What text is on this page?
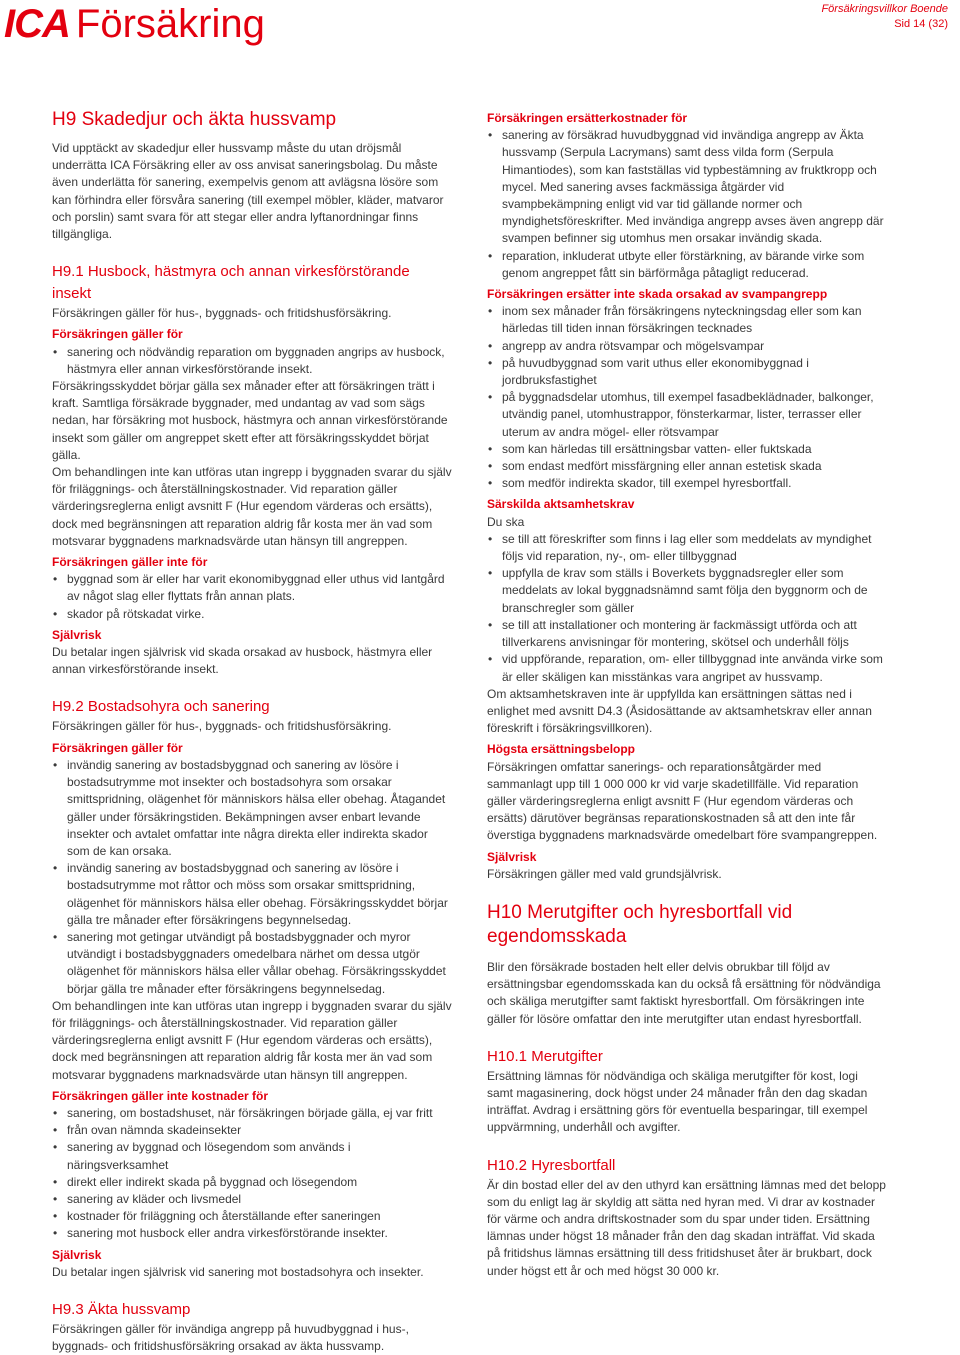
ICA Försäkring	Försäkringsvillkor Boende
Sid 14 (32)
H9 Skadedjur och äkta hussvamp

Vid upptäckt av skadedjur eller hussvamp måste du utan dröjsmål underrätta ICA Försäkring eller av oss anvisat saneringsbolag. Du måste även underlätta för sanering, exempelvis genom att avlägsna lösöre som kan förhindra eller försvåra sanering (till exempel möbler, kläder, matvaror och porslin) samt svara för att stegar eller andra lyftanordningar finns tillgängliga.

H9.1 Husbock, hästmyra och annan virkesförstörande insekt

Försäkringen gäller för hus-, byggnads- och fritidshusförsäkring.

Försäkringen gäller för
• sanering och nödvändig reparation om byggnaden angrips av husbock, hästmyra eller annan virkesförstörande insekt.

Försäkringsskyddet börjar gälla sex månader efter att försäkringen trätt i kraft. Samtliga försäkrade byggnader, med undantag av vad som sägs nedan, har försäkring mot husbock, hästmyra och annan virkesförstörande insekt som gäller om angreppet skett efter att försäkringsskyddet börjat gälla.

Om behandlingen inte kan utföras utan ingrepp i byggnaden svarar du själv för friläggnings- och återställningskostnader. Vid reparation gäller värderingsreglerna enligt avsnitt F (Hur egendom värderas och ersätts), dock med begränsningen att reparation aldrig får kosta mer än vad som motsvarar byggnadens marknadsvärde utan hänsyn till angreppen.

Försäkringen gäller inte för
• byggnad som är eller har varit ekonomibyggnad eller uthus vid lantgård av något slag eller flyttats från annan plats.
• skador på rötskadat virke.
Självrisk

Du betalar ingen självrisk vid skada orsakad av husbock, hästmyra eller annan virkesförstörande insekt.

H9.2 Bostadsohyra och sanering

Försäkringen gäller för hus-, byggnads- och fritidshusförsäkring.

Försäkringen gäller för
• invändig sanering av bostadsbyggnad och sanering av lösöre i bostadsutrymme mot insekter och bostadsohyra som orsakar smittspridning, olägenhet för människors hälsa eller obehag. Åtagandet gäller under försäkringstiden. Bekämpningen avser enbart levande insekter och avtalet omfattar inte några direkta eller indirekta skador som de kan orsaka.
• invändig sanering av bostadsbyggnad och sanering av lösöre i bostadsutrymme mot råttor och möss som orsakar smittspridning, olägenhet för människors hälsa eller obehag. Försäkringsskyddet börjar gälla tre månader efter försäkringens begynnelsedag.
• sanering mot getingar utvändigt på bostadsbyggnader och myror utvändigt i bostadsbyggnaders omedelbara närhet om dessa utgör olägenhet för människors hälsa eller vållar obehag. Försäkringsskyddet börjar gälla tre månader efter försäkringens begynnelsedag.

Om behandlingen inte kan utföras utan ingrepp i byggnaden svarar du själv för friläggnings- och återställningskostnader. Vid reparation gäller värderingsreglerna enligt avsnitt F (Hur egendom värderas och ersätts), dock med begränsningen att reparation aldrig får kosta mer än vad som motsvarar byggnadens marknadsvärde utan hänsyn till angreppen.

Försäkringen gäller inte kostnader för
• sanering, om bostadshuset, när försäkringen började gälla, ej var fritt
• från ovan nämnda skadeinsekter
• sanering av byggnad och lösegendom som används i näringsverksamhet
• direkt eller indirekt skada på byggnad och lösegendom
• sanering av kläder och livsmedel
• kostnader för friläggning och återställande efter saneringen
• sanering mot husbock eller andra virkesförstörande insekter.
Självrisk

Du betalar ingen självrisk vid sanering mot bostadsohyra och insekter.

H9.3 Äkta hussvamp

Försäkringen gäller för invändiga angrepp på huvudbyggnad i hus-, byggnads- och fritidshusförsäkring orsakad av äkta hussvamp.

Försäkringen ersätterkostnader för
• sanering av försäkrad huvudbyggnad vid invändiga angrepp av Äkta hussvamp (Serpula Lacrymans) samt dess vilda form (Serpula Himantiodes), som kan fastställas vid typbestämning av fruktkropp och mycel. Med sanering avses fackmässiga åtgärder vid svampbekämpning enligt vid var tid gällande normer och myndighetsföreskrifter. Med invändiga angrepp avses även angrepp där svampen befinner sig utomhus men orsakar invändig skada.
• reparation, inkluderat utbyte eller förstärkning, av bärande virke som genom angreppet fått sin bärförmåga påtagligt reducerad.
Försäkringen ersätter inte skada orsakad av svampangrepp
• inom sex månader från försäkringens nyteckningsdag eller som kan härledas till tiden innan försäkringen tecknades
• angrepp av andra rötsvampar och mögelsvampar
• på huvudbyggnad som varit uthus eller ekonomibyggnad i jordbruksfastighet
• på byggnadsdelar utomhus, till exempel fasadbeklädnader, balkonger, utvändig panel, utomhustrappor, fönsterkarmar, lister, terrasser eller uterum av andra mögel- eller rötsvampar
• som kan härledas till ersättningsbar vatten- eller fuktskada
• som endast medfört missfärgning eller annan estetisk skada
• som medför indirekta skador, till exempel hyresbortfall.
Särskilda aktsamhetskrav

Du ska

• se till att föreskrifter som finns i lag eller som meddelats av myndighet följs vid reparation, ny-, om- eller tillbyggnad
• uppfylla de krav som ställs i Boverkets byggnadsregler eller som meddelats av lokal byggnadsnämnd samt följa den byggnorm och de branschregler som gäller
• se till att installationer och montering är fackmässigt utförda och att tillverkarens anvisningar för montering, skötsel och underhåll följs
• vid uppförande, reparation, om- eller tillbyggnad inte använda virke som är eller skäligen kan misstänkas vara angripet av hussvamp.

Om aktsamhetskraven inte är uppfyllda kan ersättningen sättas ned i enlighet med avsnitt D4.3 (Åsidosättande av aktsamhetskrav eller annan föreskrift i försäkringsvillkoren).

Högsta ersättningsbelopp

Försäkringen omfattar sanerings- och reparationsåtgärder med sammanlagt upp till 1 000 000 kr vid varje skadetillfälle. Vid reparation gäller värderingsreglerna enligt avsnitt F (Hur egendom värderas och ersätts) därutöver begränsas reparationskostnaden så att den inte får överstiga byggnadens marknadsvärde omedelbart före svampangreppen.

Självrisk

Försäkringen gäller med vald grundsjälvrisk.

H10 Merutgifter och hyresbortfall vid egendomsskada

Blir den försäkrade bostaden helt eller delvis obrukbar till följd av ersättningsbar egendomsskada kan du också få ersättning för nödvändiga och skäliga merutgifter samt faktiskt hyresbortfall. Om försäkringen inte gäller för lösöre omfattar den inte merutgifter utan endast hyresbortfall.

H10.1 Merutgifter

Ersättning lämnas för nödvändiga och skäliga merutgifter för kost, logi samt magasinering, dock högst under 24 månader från den dag skadan inträffat. Avdrag i ersättning görs för eventuella besparingar, till exempel uppvärmning, underhåll och avgifter.

H10.2 Hyresbortfall

Är din bostad eller del av den uthyrd kan ersättning lämnas med det belopp som du enligt lag är skyldig att sätta ned hyran med. Vi drar av kostnader för värme och andra driftskostnader som du spar under tiden. Ersättning lämnas under högst 18 månader från den dag skadan inträffat. Vid skada på fritidshus lämnas ersättning till dess fritidshuset åter är brukbart, dock under högst ett år och med högst 30 000 kr.
